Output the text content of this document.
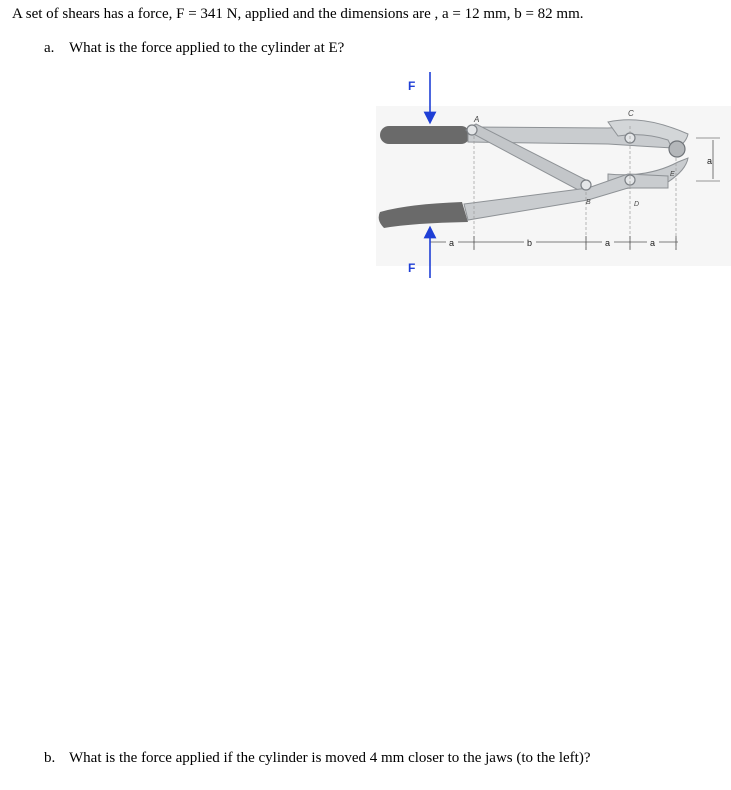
A set of shears has a force, F = 341 N, applied and the dimensions are , a = 12 mm, b = 82 mm.
a. What is the force applied to the cylinder at E?
A
C
B	D
E
a
a	b	a	a
F
F
b. What is the force applied if the cylinder is moved 4 mm closer to the jaws (to the left)?
